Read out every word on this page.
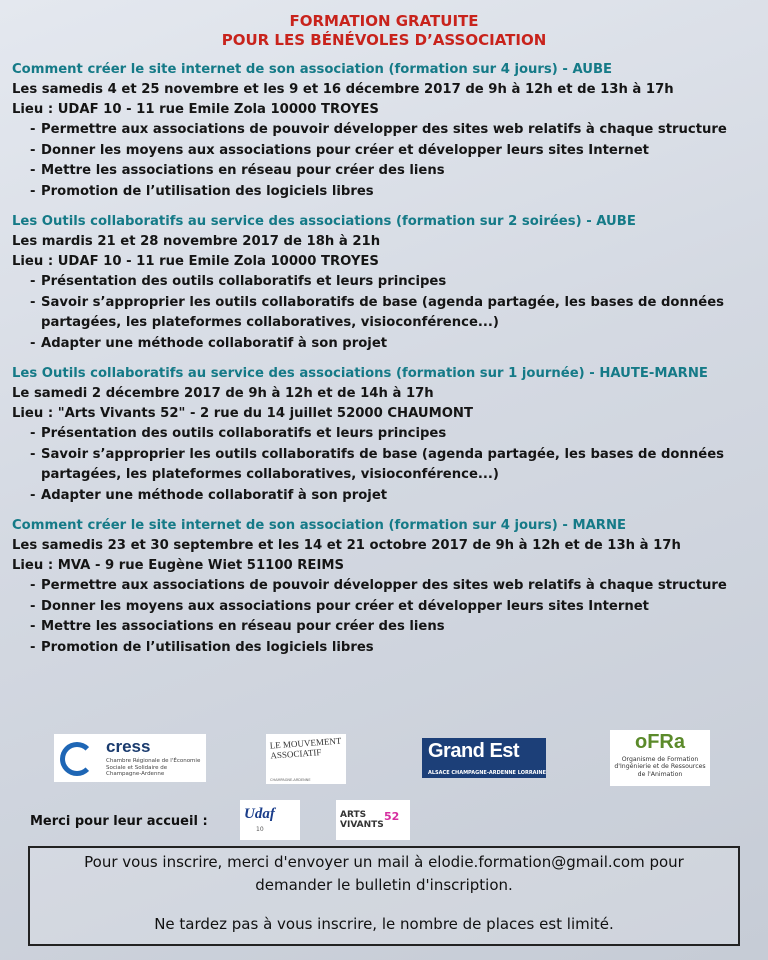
FORMATION GRATUITE
POUR LES BÉNÉVOLES D’ASSOCIATION
Comment créer le site internet de son association (formation sur 4 jours) - AUBE
Les samedis 4 et 25 novembre et les 9 et 16 décembre 2017 de 9h à 12h et de 13h à 17h
Lieu : UDAF 10 - 11 rue Emile Zola 10000 TROYES
- Permettre aux associations de pouvoir développer des sites web relatifs à chaque structure
- Donner les moyens aux associations pour créer et développer leurs sites Internet
- Mettre les associations en réseau pour créer des liens
- Promotion de l’utilisation des logiciels libres
Les Outils collaboratifs au service des associations (formation sur 2 soirées) - AUBE
Les mardis 21 et 28 novembre 2017 de 18h à 21h
Lieu : UDAF 10 - 11 rue Emile Zola 10000 TROYES
- Présentation des outils collaboratifs et leurs principes
- Savoir s’approprier les outils collaboratifs de base (agenda partagée, les bases de données partagées, les plateformes collaboratives, visioconférence...)
- Adapter une méthode collaboratif à son projet
Les Outils collaboratifs au service des associations (formation sur 1 journée) - HAUTE-MARNE
Le samedi 2 décembre 2017 de 9h à 12h et de 14h à 17h
Lieu : "Arts Vivants 52" - 2 rue du 14 juillet 52000 CHAUMONT
- Présentation des outils collaboratifs et leurs principes
- Savoir s’approprier les outils collaboratifs de base (agenda partagée, les bases de données partagées, les plateformes collaboratives, visioconférence...)
- Adapter une méthode collaboratif à son projet
Comment créer le site internet de son association (formation sur 4 jours) - MARNE
Les samedis 23 et 30 septembre et les 14 et 21 octobre 2017 de 9h à 12h et de 13h à 17h
Lieu : MVA - 9 rue Eugène Wiet 51100 REIMS
- Permettre aux associations de pouvoir développer des sites web relatifs à chaque structure
- Donner les moyens aux associations pour créer et développer leurs sites Internet
- Mettre les associations en réseau pour créer des liens
- Promotion de l’utilisation des logiciels libres
cress
Chambre Régionale de l'Économie Sociale et Solidaire de Champagne-Ardenne
LE MOUVEMENT ASSOCIATIF
CHAMPAGNE-ARDENNE
Grand Est
ALSACE CHAMPAGNE-ARDENNE LORRAINE
oFRa
Organisme de Formation d'Ingénierie et de Ressources de l'Animation
Merci pour leur accueil : Udaf
10
ARTS VIVANTS
52

Pour vous inscrire, merci d'envoyer un mail à elodie.formation@gmail.com pour

demander le bulletin d'inscription.

Ne tardez pas à vous inscrire, le nombre de places est limité.
